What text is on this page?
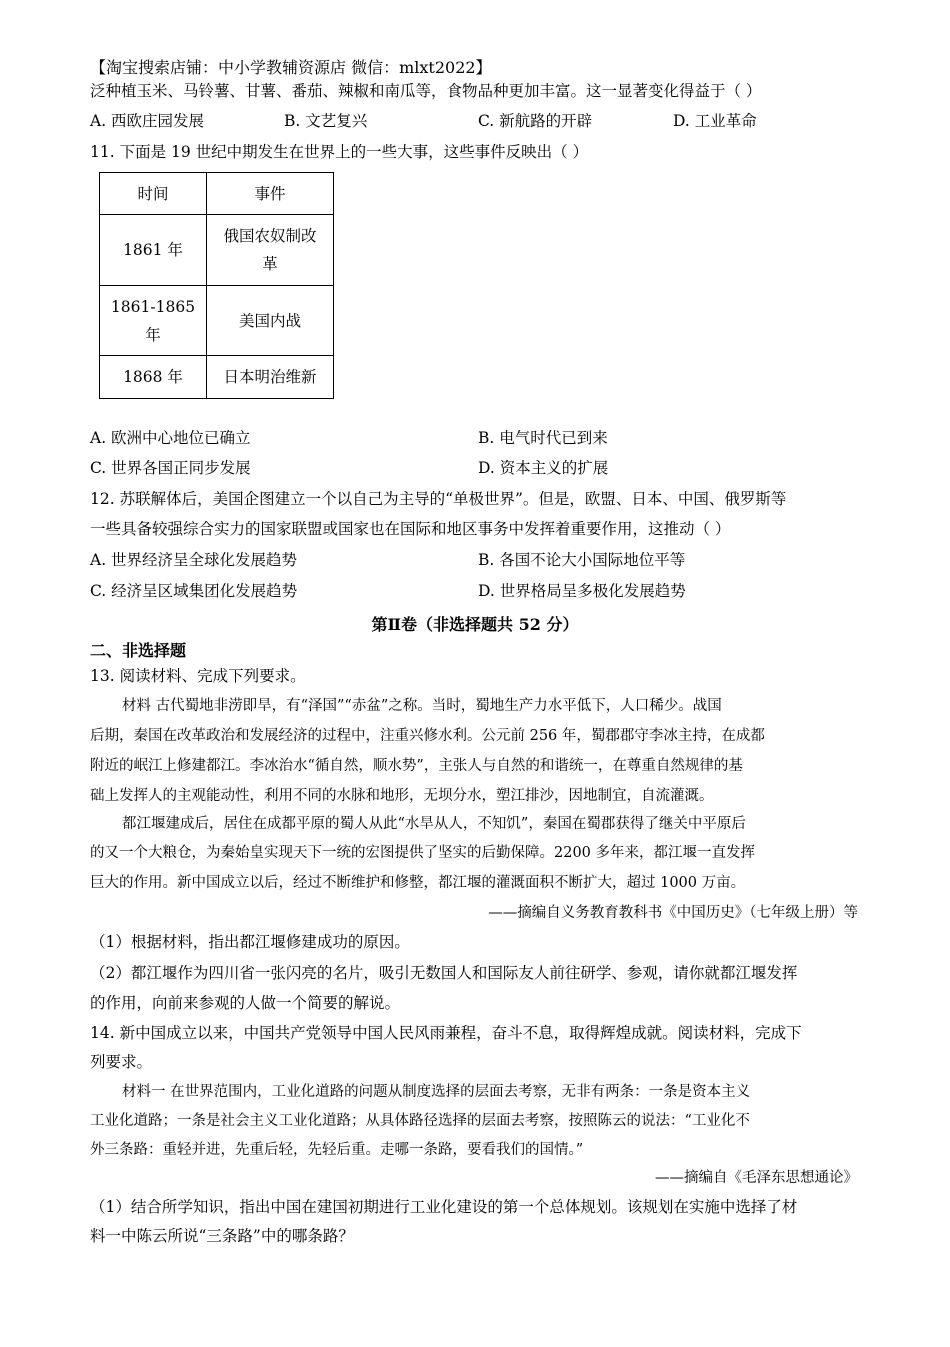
【淘宝搜索店铺：中小学教辅资源店 微信：mlxt2022】
泛种植玉米、马铃薯、甘薯、番茄、辣椒和南瓜等，食物品种更加丰富。这一显著变化得益于（ ）
A. 西欧庄园发展	B. 文艺复兴	C. 新航路的开辟	D. 工业革命
11. 下面是 19 世纪中期发生在世界上的一些大事，这些事件反映出（ ）
时间	事件
1861 年	俄国农奴制改
革
1861-1865
年	美国内战
1868 年	日本明治维新
A. 欧洲中心地位已确立	B. 电气时代已到来
C. 世界各国正同步发展	D. 资本主义的扩展
12. 苏联解体后，美国企图建立一个以自己为主导的“单极世界”。但是，欧盟、日本、中国、俄罗斯等
一些具备较强综合实力的国家联盟或国家也在国际和地区事务中发挥着重要作用，这推动（ ）
A. 世界经济呈全球化发展趋势	B. 各国不论大小国际地位平等
C. 经济呈区域集团化发展趋势	D. 世界格局呈多极化发展趋势
第Ⅱ卷（非选择题共 52 分）
二、非选择题
13. 阅读材料、完成下列要求。
材料 古代蜀地非涝即旱，有“泽国”“赤盆”之称。当时，蜀地生产力水平低下，人口稀少。战国
后期，秦国在改革政治和发展经济的过程中，注重兴修水利。公元前 256 年，蜀郡郡守李冰主持，在成都
附近的岷江上修建都江。李冰治水“循自然，顺水势”，主张人与自然的和谐统一，在尊重自然规律的基
础上发挥人的主观能动性，利用不同的水脉和地形，无坝分水，塑江排沙，因地制宜，自流灌溉。
都江堰建成后，居住在成都平原的蜀人从此“水旱从人，不知饥”，秦国在蜀郡获得了继关中平原后
的又一个大粮仓，为秦始皇实现天下一统的宏图提供了坚实的后勤保障。2200 多年来，都江堰一直发挥
巨大的作用。新中国成立以后，经过不断维护和修整，都江堰的灌溉面积不断扩大，超过 1000 万亩。
——摘编自义务教育教科书《中国历史》（七年级上册）等
（1）根据材料，指出都江堰修建成功的原因。
（2）都江堰作为四川省一张闪亮的名片，吸引无数国人和国际友人前往研学、参观，请你就都江堰发挥
的作用，向前来参观的人做一个简要的解说。
14. 新中国成立以来，中国共产党领导中国人民风雨兼程，奋斗不息，取得辉煌成就。阅读材料，完成下
列要求。
材料一 在世界范围内，工业化道路的问题从制度选择的层面去考察，无非有两条：一条是资本主义
工业化道路；一条是社会主义工业化道路；从具体路径选择的层面去考察，按照陈云的说法：“工业化不
外三条路：重轻并进，先重后轻，先轻后重。走哪一条路，要看我们的国情。”
——摘编自《毛泽东思想通论》
（1）结合所学知识，指出中国在建国初期进行工业化建设的第一个总体规划。该规划在实施中选择了材
料一中陈云所说“三条路”中的哪条路？
